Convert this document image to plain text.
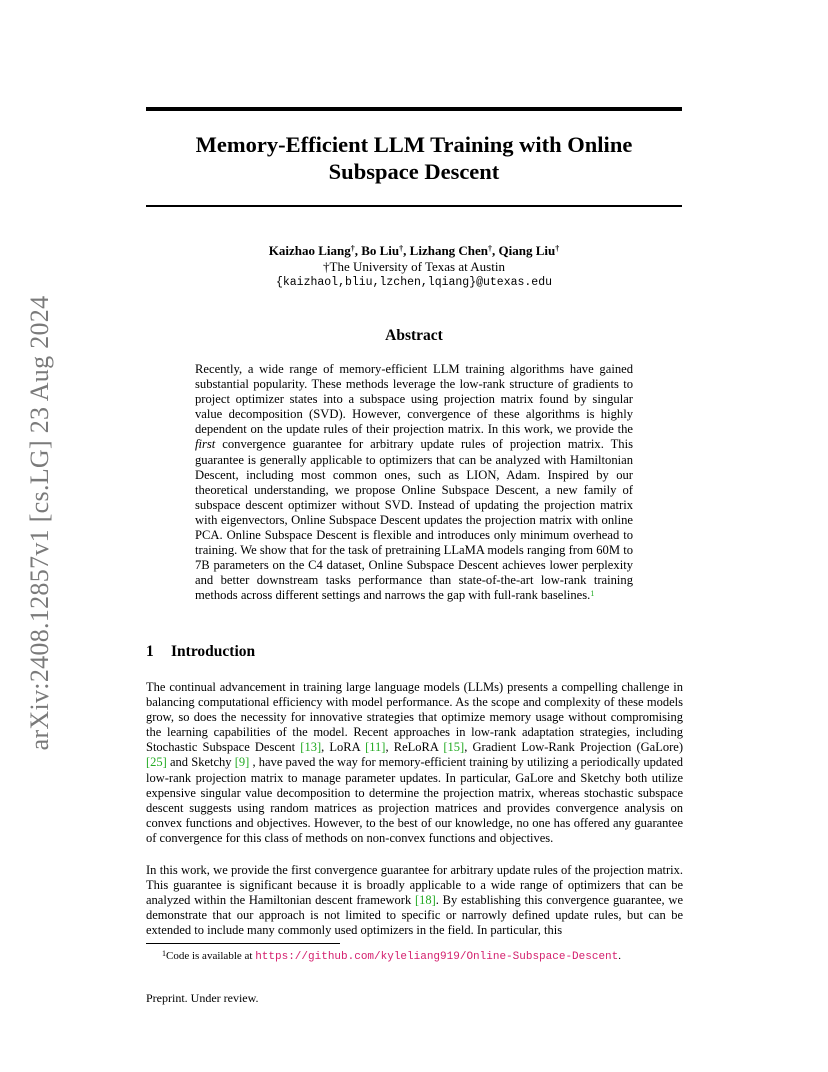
arXiv:2408.12857v1 [cs.LG] 23 Aug 2024
Memory-Efficient LLM Training with Online
Subspace Descent
Kaizhao Liang†, Bo Liu†, Lizhang Chen†, Qiang Liu†
†The University of Texas at Austin
{kaizhaol,bliu,lzchen,lqiang}@utexas.edu
Abstract

Recently, a wide range of memory-efficient LLM training algorithms have gained substantial popularity. These methods leverage the low-rank structure of gradients to project optimizer states into a subspace using projection matrix found by singular value decomposition (SVD). However, convergence of these algorithms is highly dependent on the update rules of their projection matrix. In this work, we provide the first convergence guarantee for arbitrary update rules of projection matrix. This guarantee is generally applicable to optimizers that can be analyzed with Hamiltonian Descent, including most common ones, such as LION, Adam. Inspired by our theoretical understanding, we propose Online Subspace Descent, a new family of subspace descent optimizer without SVD. Instead of updating the projection matrix with eigenvectors, Online Subspace Descent updates the projection matrix with online PCA. Online Subspace Descent is flexible and introduces only minimum overhead to training. We show that for the task of pretraining LLaMA models ranging from 60M to 7B parameters on the C4 dataset, Online Subspace Descent achieves lower perplexity and better downstream tasks performance than state-of-the-art low-rank training methods across different settings and narrows the gap with full-rank baselines.$^1$

1 Introduction

The continual advancement in training large language models (LLMs) presents a compelling challenge in balancing computational efficiency with model performance. As the scope and complexity of these models grow, so does the necessity for innovative strategies that optimize memory usage without compromising the learning capabilities of the model. Recent approaches in low-rank adaptation strategies, including Stochastic Subspace Descent [13], LoRA [11], ReLoRA [15], Gradient Low-Rank Projection (GaLore) [25] and Sketchy [9] , have paved the way for memory-efficient training by utilizing a periodically updated low-rank projection matrix to manage parameter updates. In particular, GaLore and Sketchy both utilize expensive singular value decomposition to determine the projection matrix, whereas stochastic subspace descent suggests using random matrices as projection matrices and provides convergence analysis on convex functions and objectives. However, to the best of our knowledge, no one has offered any guarantee of convergence for this class of methods on non-convex functions and objectives.

In this work, we provide the first convergence guarantee for arbitrary update rules of the projection matrix. This guarantee is significant because it is broadly applicable to a wide range of optimizers that can be analyzed within the Hamiltonian descent framework [18]. By establishing this convergence guarantee, we demonstrate that our approach is not limited to specific or narrowly defined update rules, but can be extended to include many commonly used optimizers in the field. In particular, this

$^1$Code is available at https://github.com/kyleliang919/Online-Subspace-Descent.
Preprint. Under review.
